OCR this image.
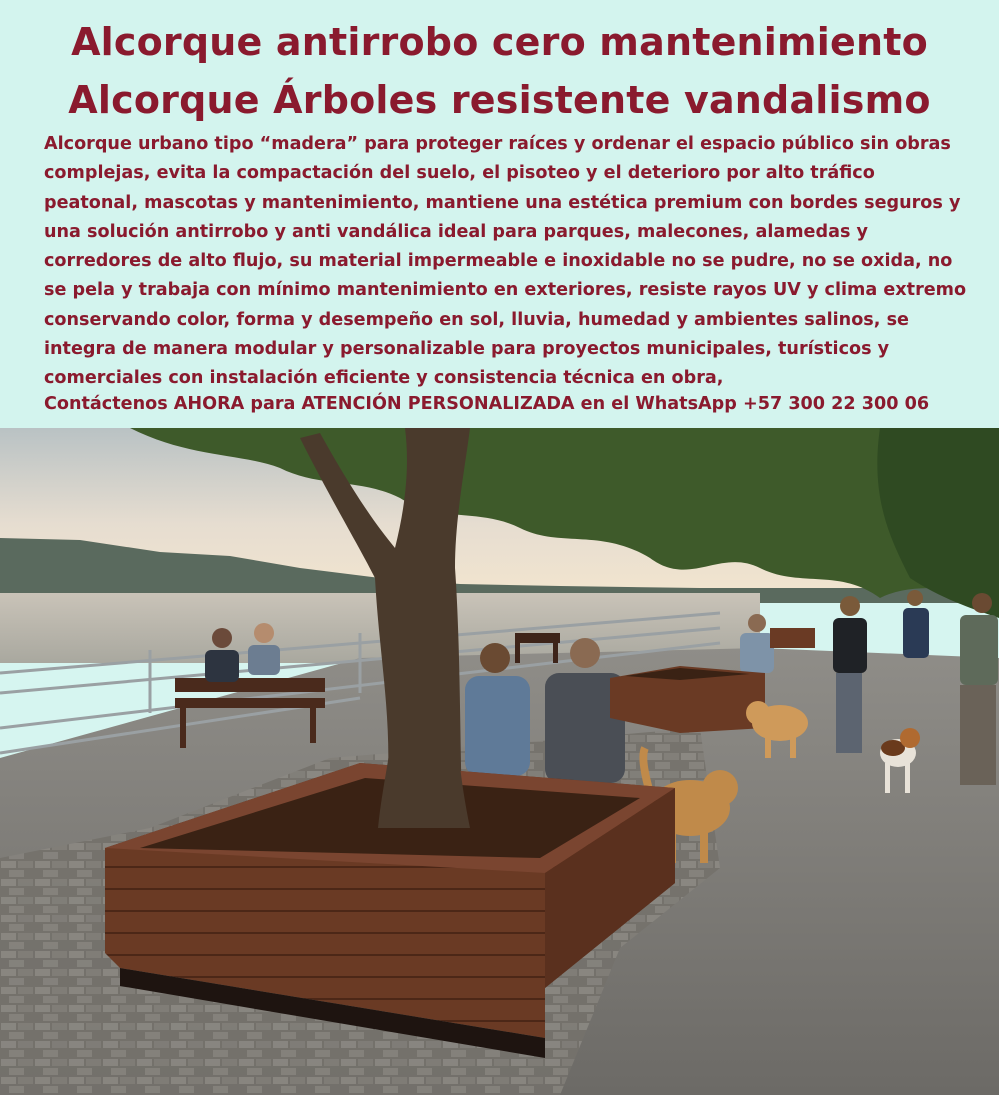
Alcorque antirrobo cero mantenimiento
Alcorque Árboles resistente vandalismo
Alcorque urbano tipo “madera” para proteger raíces y ordenar el espacio público sin obras
complejas, evita la compactación del suelo, el pisoteo y el deterioro por alto tráfico
peatonal, mascotas y mantenimiento, mantiene una estética premium con bordes seguros y
una solución antirrobo y anti vandálica ideal para parques, malecones, alamedas y
corredores de alto flujo, su material impermeable e inoxidable no se pudre, no se oxida, no
se pela y trabaja con mínimo mantenimiento en exteriores, resiste rayos UV y clima extremo
conservando color, forma y desempeño en sol, lluvia, humedad y ambientes salinos, se
integra de manera modular y personalizable para proyectos municipales, turísticos y
comerciales con instalación eficiente y consistencia técnica en obra,
Contáctenos AHORA para ATENCIÓN PERSONALIZADA en el WhatsApp +57 300 22 300 06
